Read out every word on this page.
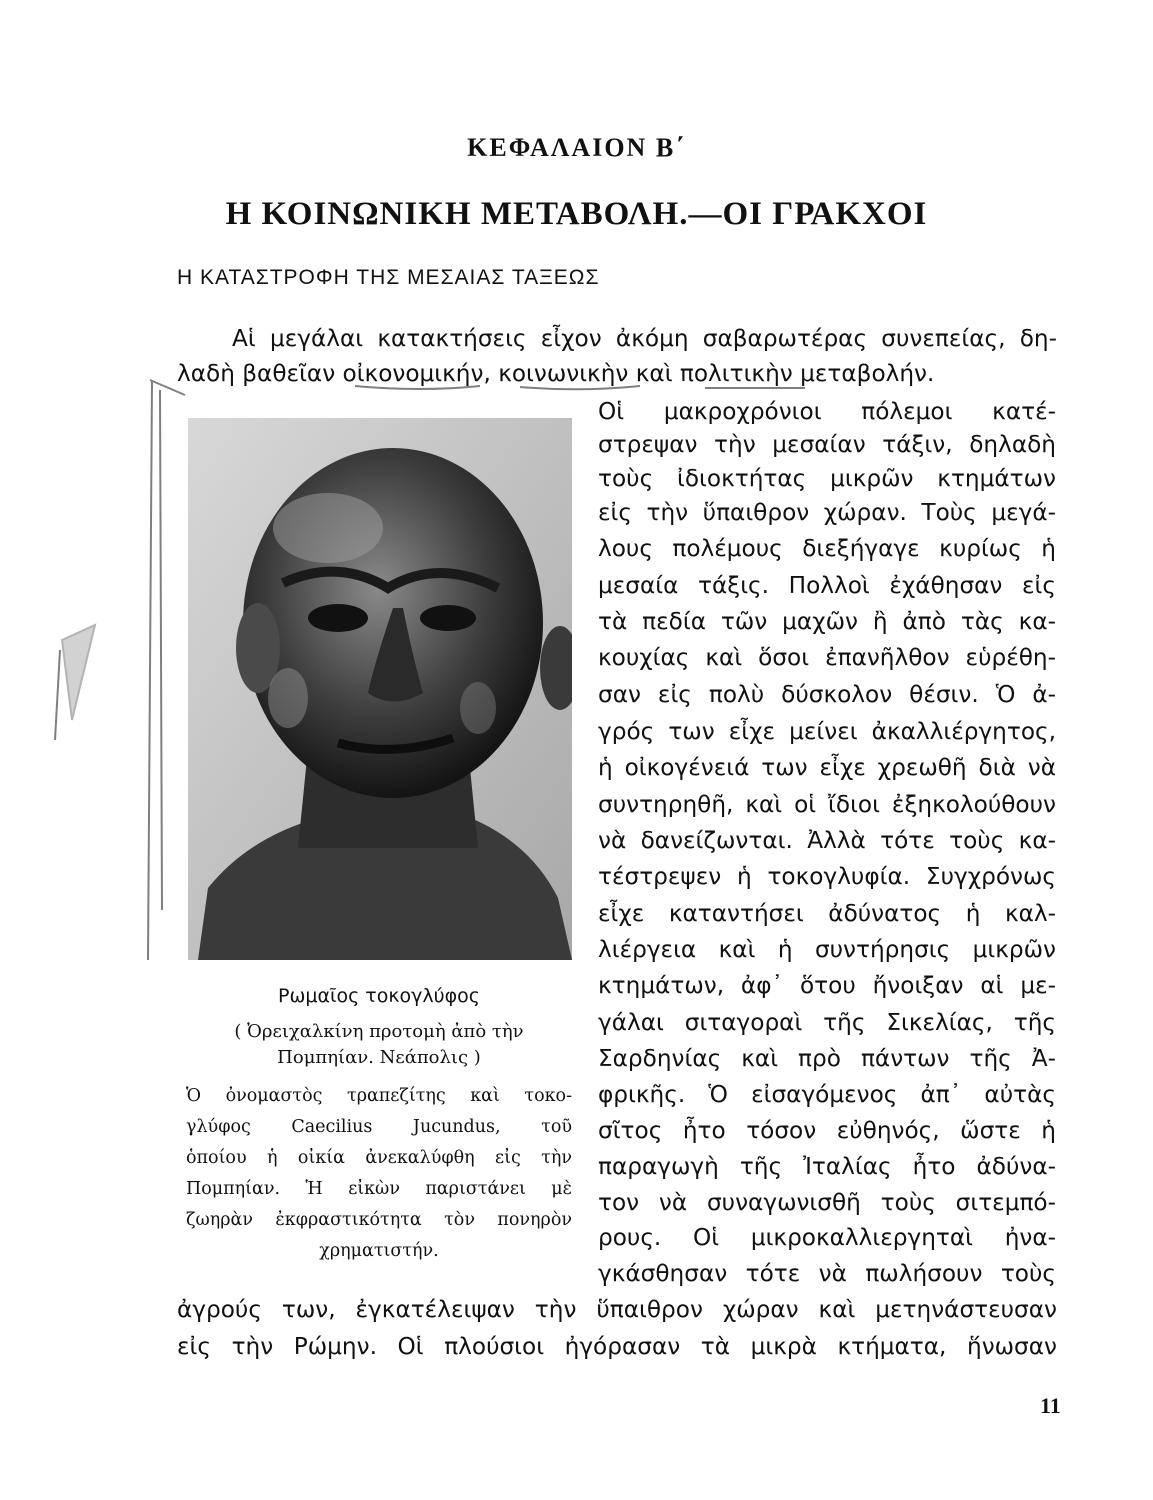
ΚΕΦΑΛΑΙΟΝ Β΄
Η ΚΟΙΝΩΝΙΚΗ ΜΕΤΑΒΟΛΗ.—ΟΙ ΓΡΑΚΧΟΙ
Η ΚΑΤΑΣΤΡΟΦΗ ΤΗΣ ΜΕΣΑΙΑΣ ΤΑΞΕΩΣ
Αἱ μεγάλαι κατακτήσεις εἶχον ἀκόμη σαβαρωτέρας συνεπείας, δη-
λαδὴ βαθεῖαν οἰκονομικήν, κοινωνικὴν καὶ πολιτικὴν μεταβολήν.
Ρωμαῖος τοκογλύφος
( Ὀρειχαλκίνη προτομὴ ἀπὸ τὴν
Πομπηίαν. Νεάπολις )
Ὁ ὀνομαστὸς τραπεζίτης καὶ τοκο-
γλύφος Caecilius Jucundus, τοῦ
ὁποίου ἡ οἰκία ἀνεκαλύφθη εἰς τὴν
Πομπηίαν. Ἡ εἰκὼν παριστάνει μὲ
ζωηρὰν ἐκφραστικότητα τὸν πονηρὸν
χρηματιστήν.
Οἱ μακροχρόνιοι πόλεμοι κατέ-
στρεψαν τὴν μεσαίαν τάξιν, δηλαδὴ
τοὺς ἰδιοκτήτας μικρῶν κτημάτων
εἰς τὴν ὕπαιθρον χώραν. Τοὺς μεγά-
λους πολέμους διεξήγαγε κυρίως ἡ
μεσαία τάξις. Πολλοὶ ἐχάθησαν εἰς
τὰ πεδία τῶν μαχῶν ἢ ἀπὸ τὰς κα-
κουχίας καὶ ὅσοι ἐπανῆλθον εὑρέθη-
σαν εἰς πολὺ δύσκολον θέσιν. Ὁ ἀ-
γρός των εἶχε μείνει ἀκαλλιέργητος,
ἡ οἰκογένειά των εἶχε χρεωθῆ διὰ νὰ
συντηρηθῆ, καὶ οἱ ἴδιοι ἐξηκολούθουν
νὰ δανείζωνται. Ἀλλὰ τότε τοὺς κα-
τέστρεψεν ἡ τοκογλυφία. Συγχρόνως
εἶχε καταντήσει ἀδύνατος ἡ καλ-
λιέργεια καὶ ἡ συντήρησις μικρῶν
κτημάτων, ἀφ᾽ ὅτου ἤνοιξαν αἱ με-
γάλαι σιταγοραὶ τῆς Σικελίας, τῆς
Σαρδηνίας καὶ πρὸ πάντων τῆς Ἀ-
φρικῆς. Ὁ εἰσαγόμενος ἀπ᾽ αὐτὰς
σῖτος ἦτο τόσον εὐθηνός, ὥστε ἡ
παραγωγὴ τῆς Ἰταλίας ἦτο ἀδύνα-
τον νὰ συναγωνισθῆ τοὺς σιτεμπό-
ρους. Οἱ μικροκαλλιεργηταὶ ἠνα-
γκάσθησαν τότε νὰ πωλήσουν τοὺς
ἀγρούς των, ἐγκατέλειψαν τὴν ὕπαιθρον χώραν καὶ μετηνάστευσαν
εἰς τὴν Ρώμην. Οἱ πλούσιοι ἠγόρασαν τὰ μικρὰ κτήματα, ἥνωσαν
11
